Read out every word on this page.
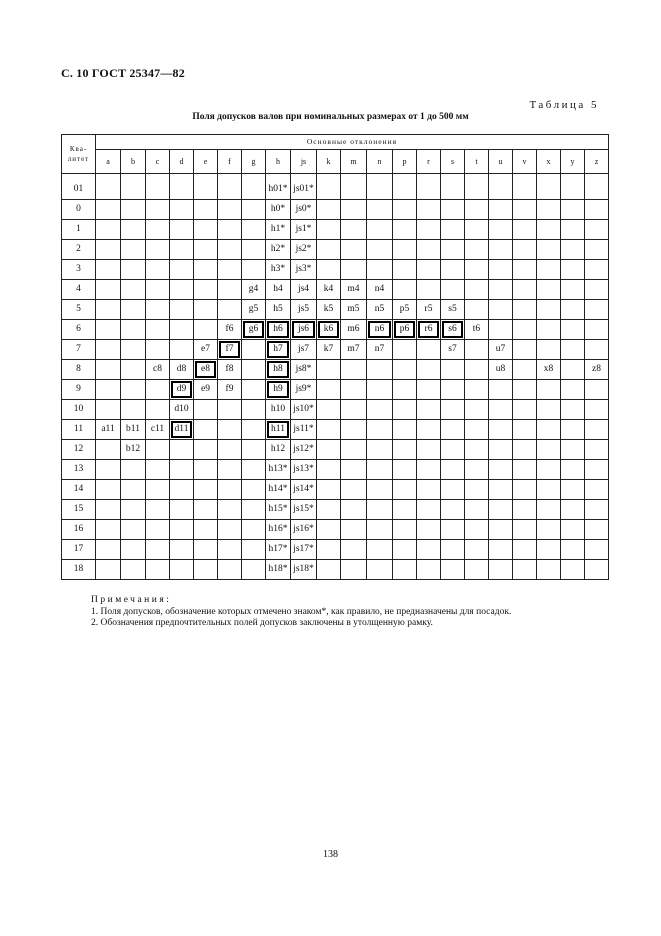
С. 10 ГОСТ 25347—82
Таблица 5
Поля допусков валов при номинальных размерах от 1 до 500 мм
Ква-
литет	Основные отклонения																				
	a	b	c	d	e	f	g	h	js	k	m	n	p	r	s	t	u	v	x	y	z

01								h01*	js01*												
0								h0*	js0*												
1								h1*	js1*												
2								h2*	js2*												
3								h3*	js3*												
4							g4	h4	js4	k4	m4	n4									
5							g5	h5	js5	k5	m5	n5	p5	r5	s5						
6						f6	g6	h6	js6	k6	m6	n6	p6	r6	s6	t6					
7					e7	f7		h7	js7	k7	m7	n7			s7		u7				
8			c8	d8	e8	f8		h8	js8*								u8		x8		z8
9				d9	e9	f9		h9	js9*												
10				d10				h10	js10*												
11	a11	b11	c11	d11				h11	js11*												
12		b12						h12	js12*												
13								h13*	js13*												
14								h14*	js14*												
15								h15*	js15*												
16								h16*	js16*												
17								h17*	js17*												
18								h18*	js18*												
Примечания:
1. Поля допусков, обозначение которых отмечено знаком*, как правило, не предназначены для посадок.
2. Обозначения предпочтительных полей допусков заключены в утолщенную рамку.
138
